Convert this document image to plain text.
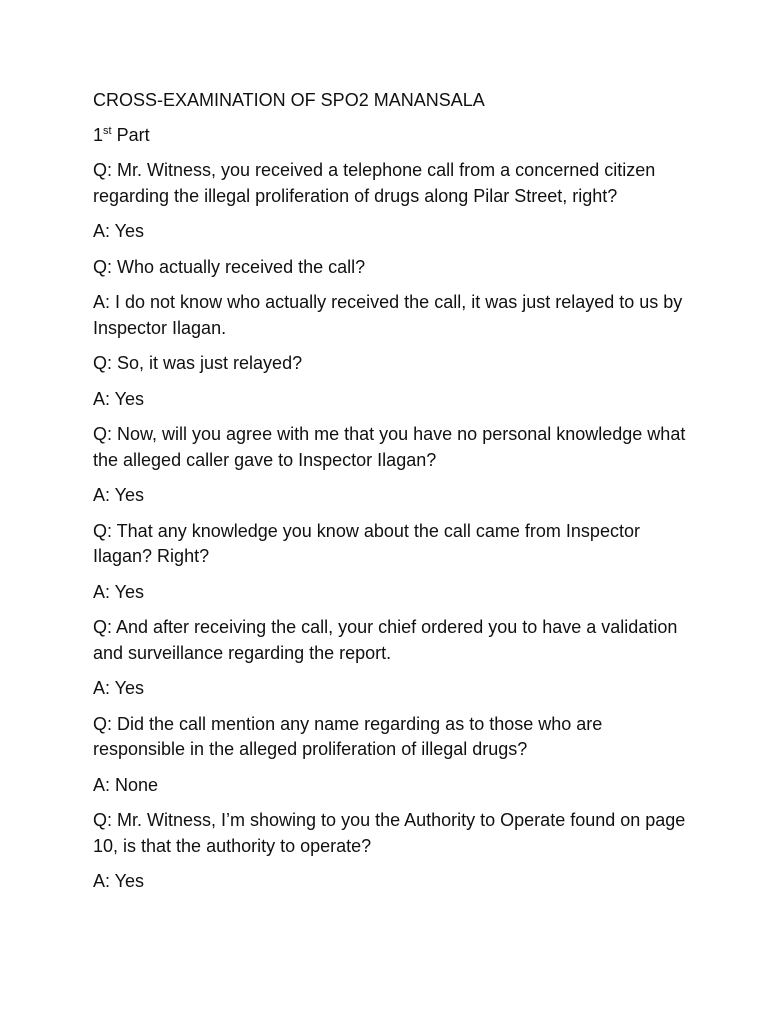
CROSS-EXAMINATION OF SPO2 MANANSALA

1st Part

Q: Mr. Witness, you received a telephone call from a concerned citizen regarding the illegal proliferation of drugs along Pilar Street, right?

A: Yes

Q: Who actually received the call?

A: I do not know who actually received the call, it was just relayed to us by Inspector Ilagan.

Q: So, it was just relayed?

A: Yes

Q: Now, will you agree with me that you have no personal knowledge what the alleged caller gave to Inspector Ilagan?

A: Yes

Q: That any knowledge you know about the call came from Inspector Ilagan? Right?

A: Yes

Q: And after receiving the call, your chief ordered you to have a validation and surveillance regarding the report.

A: Yes

Q: Did the call mention any name regarding as to those who are responsible in the alleged proliferation of illegal drugs?

A: None

Q: Mr. Witness, I’m showing to you the Authority to Operate found on page 10, is that the authority to operate?

A: Yes
